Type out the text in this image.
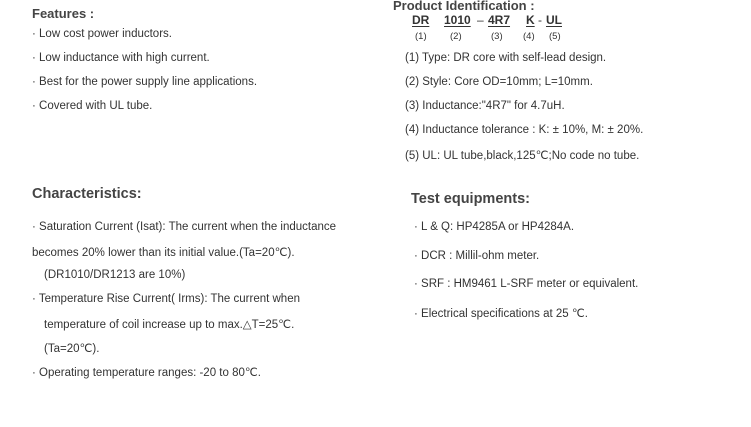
Features :
· Low cost power inductors.
· Low inductance with high current.
· Best for the power supply line applications.
· Covered with UL tube.
Product Identification :
DR 1010 – 4R7 K - UL
(1) (2)	(3) (4) (5)
(1) Type: DR core with self-lead design.
(2) Style: Core OD=10mm; L=10mm.
(3) Inductance:"4R7" for 4.7uH.
(4) Inductance tolerance : K: ± 10%, M: ± 20%.
(5) UL: UL tube,black,125℃;No code no tube.
Characteristics:
· Saturation Current (Isat): The current when the inductance
becomes 20% lower than its initial value.(Ta=20℃).
(DR1010/DR1213 are 10%)
· Temperature Rise Current( Irms): The current when
temperature of coil increase up to max.△T=25℃.
(Ta=20℃).
· Operating temperature ranges: -20 to 80℃.
Test equipments:
· L & Q: HP4285A or HP4284A.
· DCR : Millil-ohm meter.
· SRF : HM9461 L-SRF meter or equivalent.
· Electrical specifications at 25 ℃.
